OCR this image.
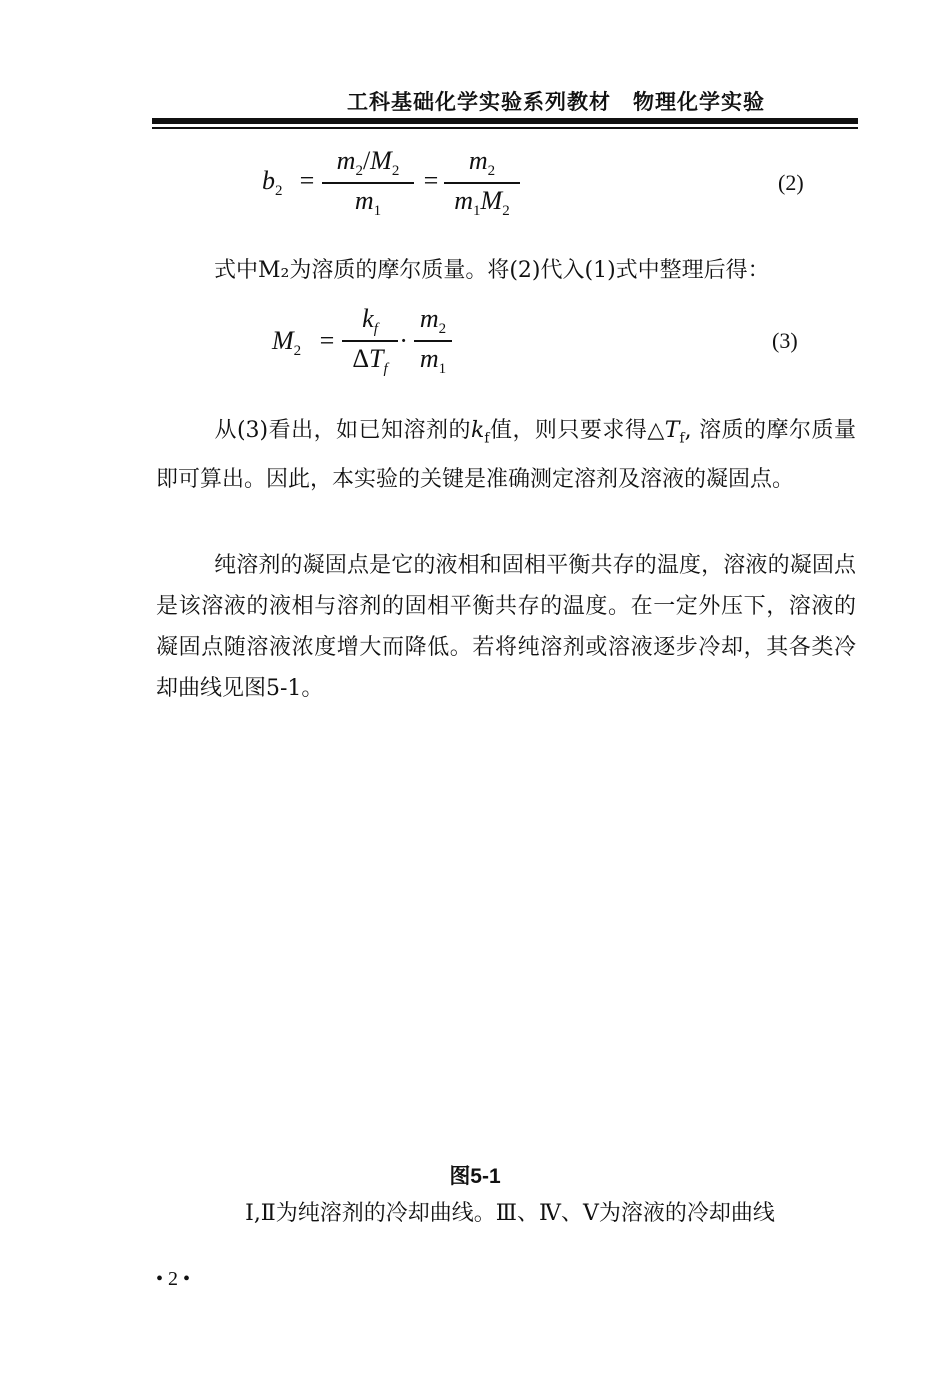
工科基础化学实验系列教材　物理化学实验
$b_2$ =
$m_2/M_2$
$m_1$
=
$m_2$
$m_1M_2$
(2)

式中M₂为溶质的摩尔质量。将(2)代入(1)式中整理后得：

$M_2$ =
$k_f$
$\Delta T_f$
·
$m_2$
$m_1$
(3)

从(3)看出，如已知溶剂的$k_f$值，则只要求得$\triangle T_f$, 溶质的摩尔质量即可算出。因此，本实验的关键是准确测定溶剂及溶液的凝固点。

纯溶剂的凝固点是它的液相和固相平衡共存的温度，溶液的凝固点是该溶液的液相与溶剂的固相平衡共存的温度。在一定外压下，溶液的凝固点随溶液浓度增大而降低。若将纯溶剂或溶液逐步冷却，其各类冷却曲线见图5-1。

图5-1
Ⅰ,Ⅱ为纯溶剂的冷却曲线。Ⅲ、Ⅳ、Ⅴ为溶液的冷却曲线
• 2 •
